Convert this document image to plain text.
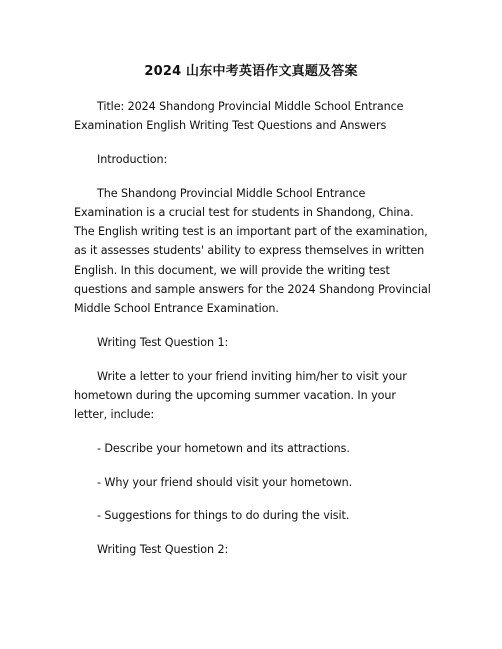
2024 山东中考英语作文真题及答案

Title: 2024 Shandong Provincial Middle School Entrance Examination English Writing Test Questions and Answers

Introduction:

The Shandong Provincial Middle School Entrance Examination is a crucial test for students in Shandong, China. The English writing test is an important part of the examination, as it assesses students' ability to express themselves in written English. In this document, we will provide the writing test questions and sample answers for the 2024 Shandong Provincial Middle School Entrance Examination.

Writing Test Question 1:

Write a letter to your friend inviting him/her to visit your hometown during the upcoming summer vacation. In your letter, include:

- Describe your hometown and its attractions.

- Why your friend should visit your hometown.

- Suggestions for things to do during the visit.

Writing Test Question 2:
